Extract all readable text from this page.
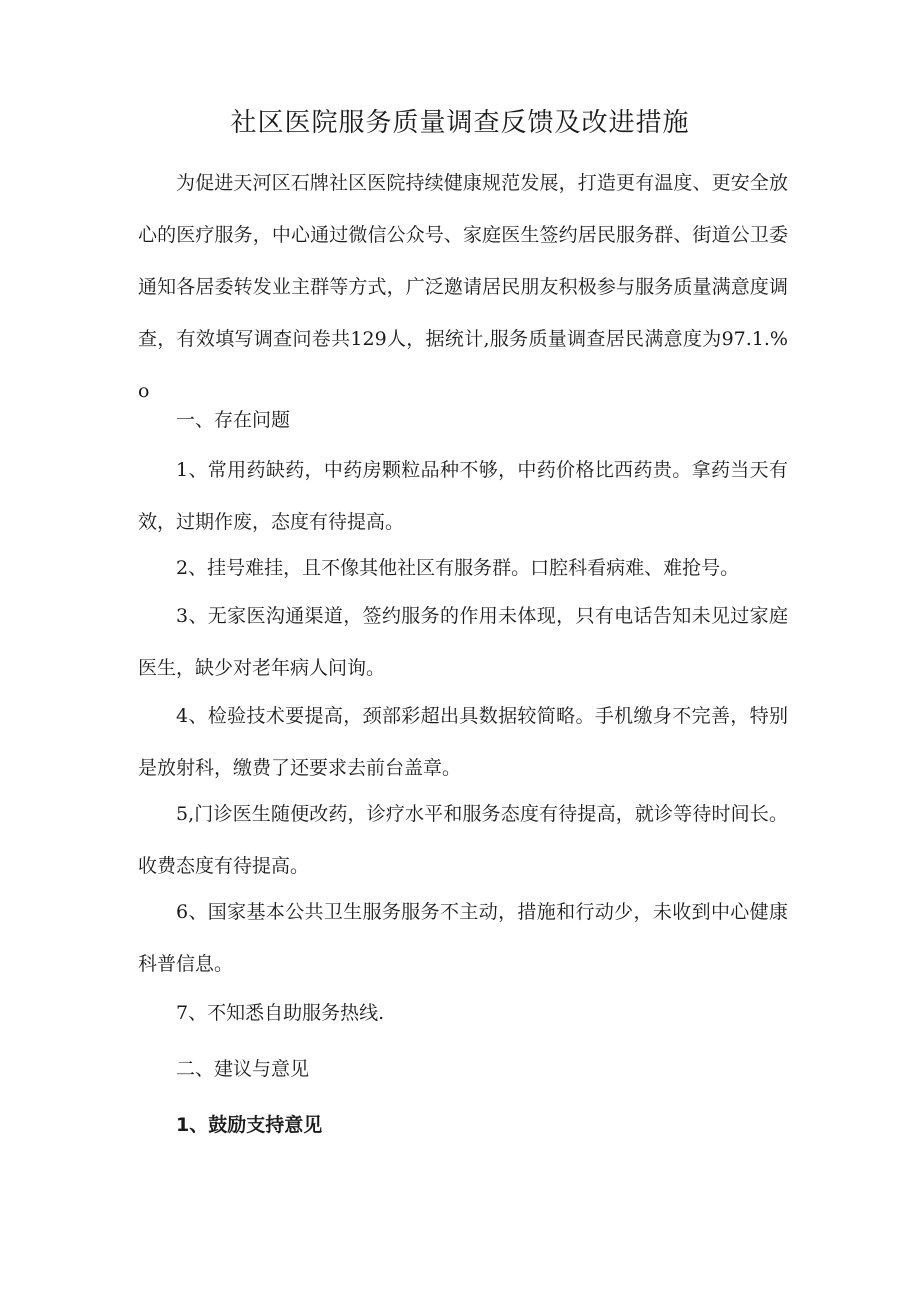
社区医院服务质量调查反馈及改进措施

为促进天河区石牌社区医院持续健康规范发展，打造更有温度、更安全放心的医疗服务，中心通过微信公众号、家庭医生签约居民服务群、街道公卫委通知各居委转发业主群等方式，广泛邀请居民朋友积极参与服务质量满意度调查，有效填写调查问卷共129人，据统计,服务质量调查居民满意度为97.1.%o

一、存在问题

1、常用药缺药，中药房颗粒品种不够，中药价格比西药贵。拿药当天有效，过期作废，态度有待提高。

2、挂号难挂，且不像其他社区有服务群。口腔科看病难、难抢号。

3、无家医沟通渠道，签约服务的作用未体现，只有电话告知未见过家庭医生，缺少对老年病人问询。

4、检验技术要提高，颈部彩超出具数据较简略。手机缴身不完善，特别是放射科，缴费了还要求去前台盖章。

5,门诊医生随便改药，诊疗水平和服务态度有待提高，就诊等待时间长。收费态度有待提高。

6、国家基本公共卫生服务服务不主动，措施和行动少，未收到中心健康科普信息。

7、不知悉自助服务热线.

二、建议与意见
1、鼓励支持意见
